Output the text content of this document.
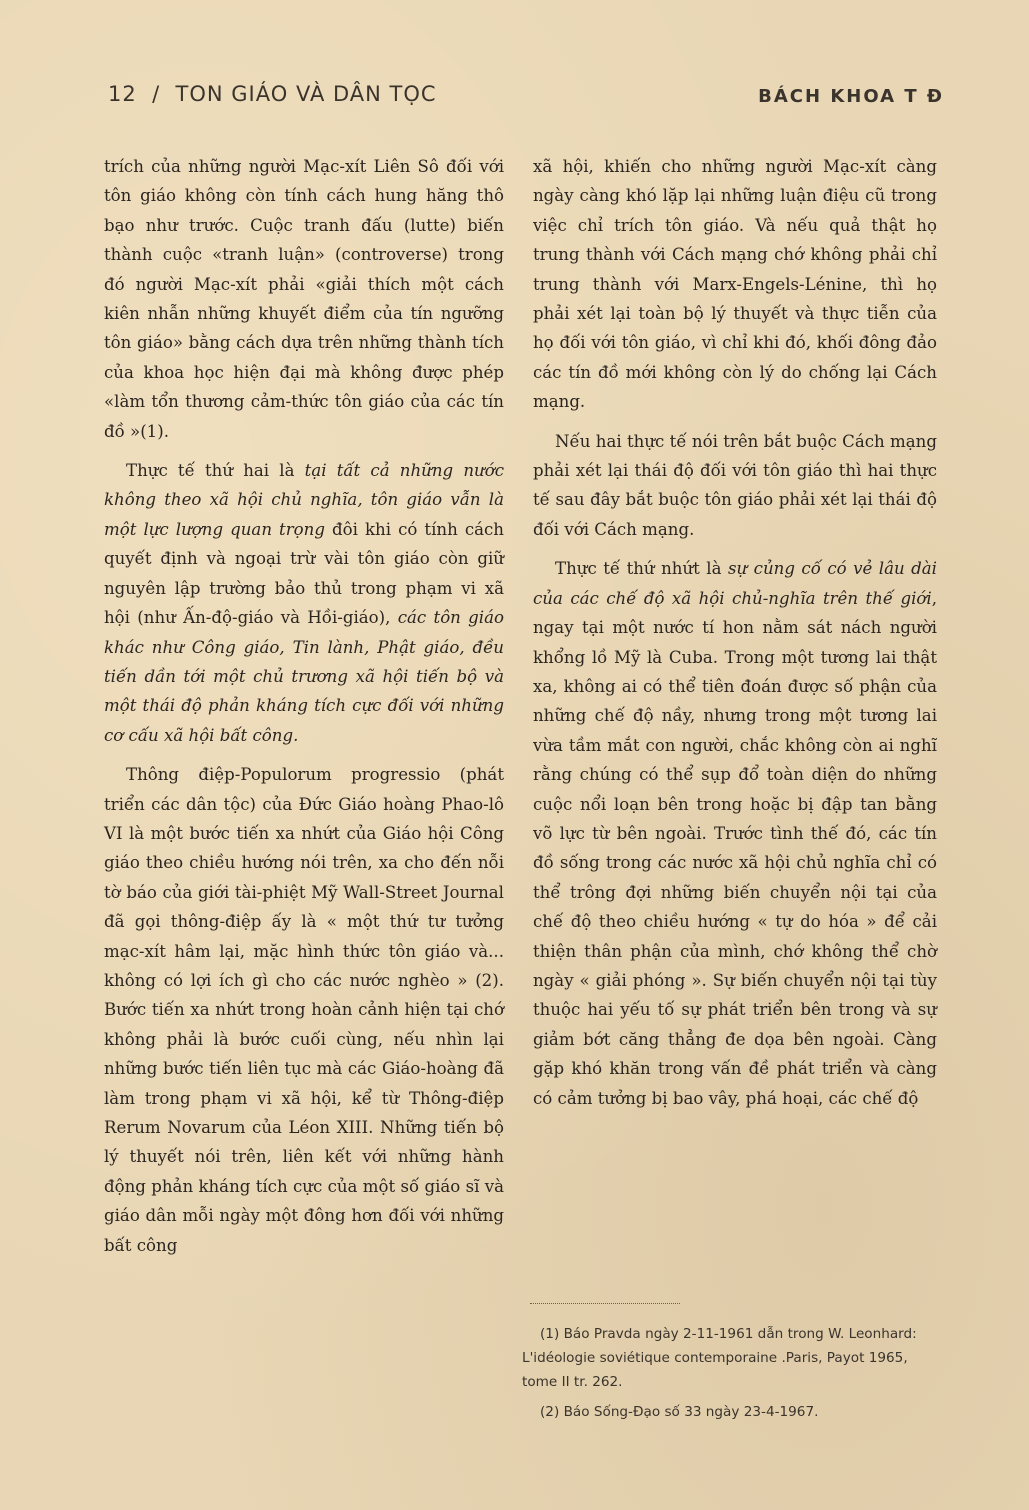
12 / TON GIÁO VÀ DÂN TỌC	BÁCH KHOA T Đ

trích của những người Mạc-xít Liên Sô đối với tôn giáo không còn tính cách hung hăng thô bạo như trước. Cuộc tranh đấu (lutte) biến thành cuộc «tranh luận» (controverse) trong đó người Mạc-xít phải «giải thích một cách kiên nhẫn những khuyết điểm của tín ngưỡng tôn giáo» bằng cách dựa trên những thành tích của khoa học hiện đại mà không được phép «làm tổn thương cảm-thức tôn giáo của các tín đồ »(1).

Thực tế thứ hai là tại tất cả những nước không theo xã hội chủ nghĩa, tôn giáo vẫn là một lực lượng quan trọng đôi khi có tính cách quyết định và ngoại trừ vài tôn giáo còn giữ nguyên lập trường bảo thủ trong phạm vi xã hội (như Ấn-độ-giáo và Hồi-giáo), các tôn giáo khác như Công giáo, Tin lành, Phật giáo, đều tiến dần tới một chủ trương xã hội tiến bộ và một thái độ phản kháng tích cực đối với những cơ cấu xã hội bất công.

Thông điệp-Populorum progressio (phát triển các dân tộc) của Đức Giáo hoàng Phao-lô VI là một bước tiến xa nhứt của Giáo hội Công giáo theo chiều hướng nói trên, xa cho đến nỗi tờ báo của giới tài-phiệt Mỹ Wall-Street Journal đã gọi thông-điệp ấy là « một thứ tư tưởng mạc-xít hâm lại, mặc hình thức tôn giáo và... không có lợi ích gì cho các nước nghèo » (2). Bước tiến xa nhứt trong hoàn cảnh hiện tại chớ không phải là bước cuối cùng, nếu nhìn lại những bước tiến liên tục mà các Giáo-hoàng đã làm trong phạm vi xã hội, kể từ Thông-điệp Rerum Novarum của Léon XIII. Những tiến bộ lý thuyết nói trên, liên kết với những hành động phản kháng tích cực của một số giáo sĩ và giáo dân mỗi ngày một đông hơn đối với những bất công

xã hội, khiến cho những người Mạc-xít càng ngày càng khó lặp lại những luận điệu cũ trong việc chỉ trích tôn giáo. Và nếu quả thật họ trung thành với Cách mạng chớ không phải chỉ trung thành với Marx-Engels-Lénine, thì họ phải xét lại toàn bộ lý thuyết và thực tiễn của họ đối với tôn giáo, vì chỉ khi đó, khối đông đảo các tín đồ mới không còn lý do chống lại Cách mạng.

Nếu hai thực tế nói trên bắt buộc Cách mạng phải xét lại thái độ đối với tôn giáo thì hai thực tế sau đây bắt buộc tôn giáo phải xét lại thái độ đối với Cách mạng.

Thực tế thứ nhứt là sự củng cố có vẻ lâu dài của các chế độ xã hội chủ-nghĩa trên thế giới, ngay tại một nước tí hon nằm sát nách người khổng lồ Mỹ là Cuba. Trong một tương lai thật xa, không ai có thể tiên đoán được số phận của những chế độ nầy, nhưng trong một tương lai vừa tầm mắt con người, chắc không còn ai nghĩ rằng chúng có thể sụp đổ toàn diện do những cuộc nổi loạn bên trong hoặc bị đập tan bằng võ lực từ bên ngoài. Trước tình thế đó, các tín đồ sống trong các nước xã hội chủ nghĩa chỉ có thể trông đợi những biến chuyển nội tại của chế độ theo chiều hướng « tự do hóa » để cải thiện thân phận của mình, chớ không thể chờ ngày « giải phóng ». Sự biến chuyển nội tại tùy thuộc hai yếu tố sự phát triển bên trong và sự giảm bớt căng thẳng đe dọa bên ngoài. Càng gặp khó khăn trong vấn đề phát triển và càng có cảm tưởng bị bao vây, phá hoại, các chế độ

(1) Báo Pravda ngày 2-11-1961 dẫn trong W. Leonhard: L'idéologie soviétique contemporaine .Paris, Payot 1965, tome II tr. 262.

(2) Báo Sống-Đạo số 33 ngày 23-4-1967.
